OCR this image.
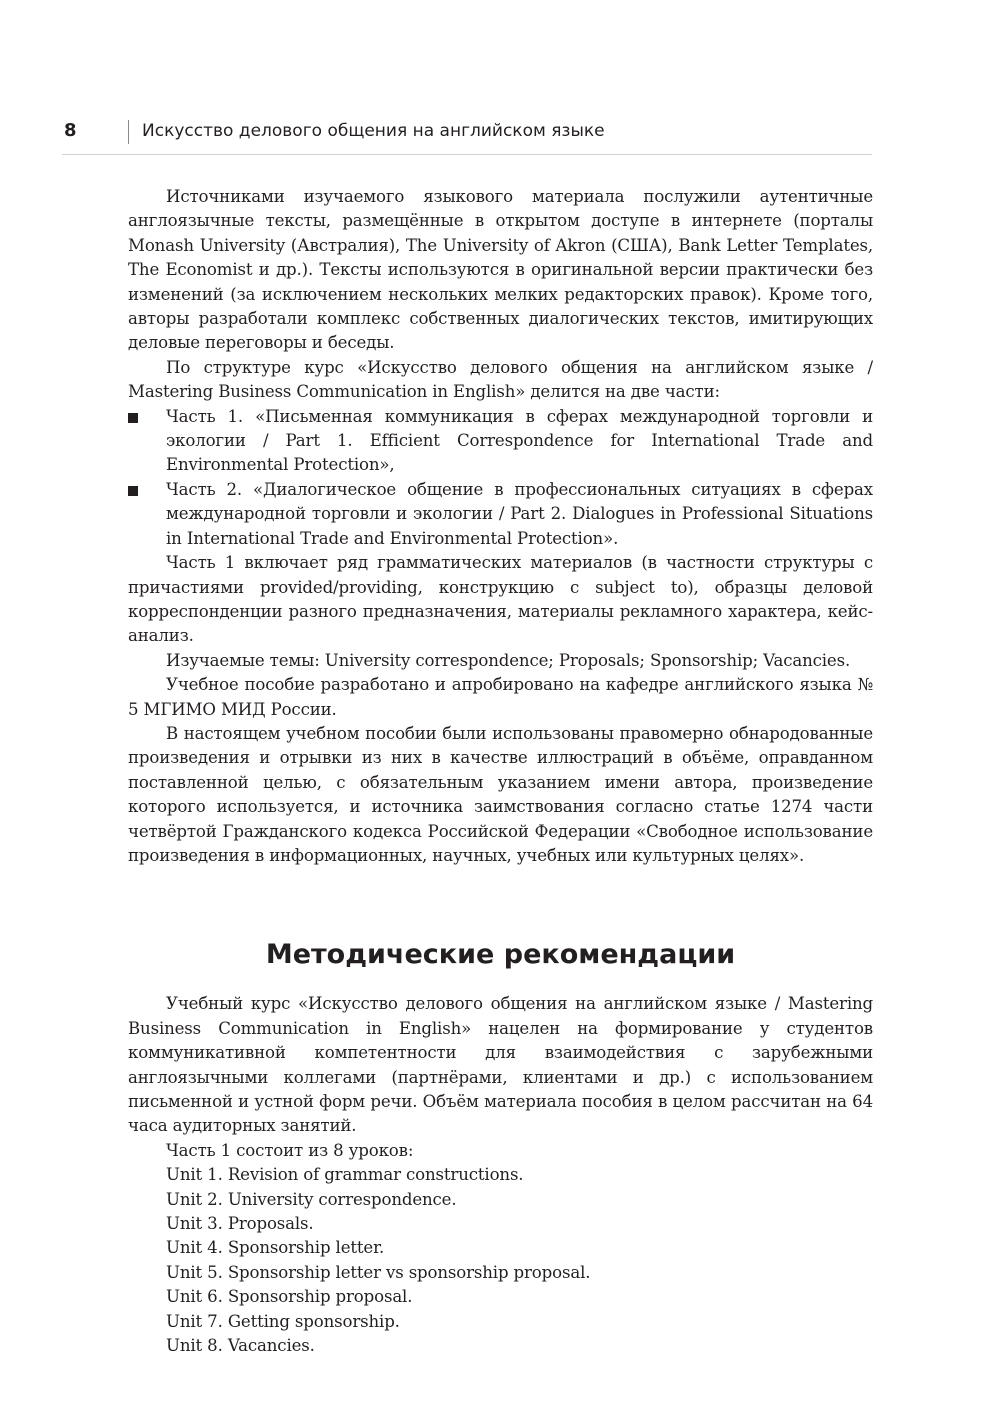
8	Искусство делового общения на английском языке

Источниками изучаемого языкового материала послужили аутентичные англоязычные тексты, размещённые в открытом доступе в интернете (порталы Monash University (Австралия), The University of Akron (США), Bank Letter Templates, The Economist и др.). Тексты используются в оригинальной версии практически без изменений (за исключением нескольких мелких редакторских правок). Кроме того, авторы разработали комплекс собственных диалогических текстов, имитирующих деловые переговоры и беседы.

По структуре курс «Искусство делового общения на английском языке / Mastering Business Communication in English» делится на две части:

Часть 1. «Письменная коммуникация в сферах международной торговли и экологии / Part 1. Efficient Correspondence for International Trade and Environmental Protection»,
Часть 2. «Диалогическое общение в профессиональных ситуациях в сферах международной торговли и экологии / Part 2. Dialogues in Professional Situations in International Trade and Environmental Protection».

Часть 1 включает ряд грамматических материалов (в частности структуры с причастиями provided/providing, конструкцию с subject to), образцы деловой корреспонденции разного предназначения, материалы рекламного характера, кейс-анализ.

Изучаемые темы: University correspondence; Proposals; Sponsorship; Vacancies.

Учебное пособие разработано и апробировано на кафедре английского языка № 5 МГИМО МИД России.

В настоящем учебном пособии были использованы правомерно обнародованные произведения и отрывки из них в качестве иллюстраций в объёме, оправданном поставленной целью, с обязательным указанием имени автора, произведение которого используется, и источника заимствования согласно статье 1274 части четвёртой Гражданского кодекса Российской Федерации «Свободное использование произведения в информационных, научных, учебных или культурных целях».

Методические рекомендации

Учебный курс «Искусство делового общения на английском языке / Mastering Business Communication in English» нацелен на формирование у студентов коммуникативной компетентности для взаимодействия с зарубежными англоязычными коллегами (партнёрами, клиентами и др.) с использованием письменной и устной форм речи. Объём материала пособия в целом рассчитан на 64 часа аудиторных занятий.

Часть 1 состоит из 8 уроков:

Unit 1. Revision of grammar constructions.
Unit 2. University correspondence.
Unit 3. Proposals.
Unit 4. Sponsorship letter.
Unit 5. Sponsorship letter vs sponsorship proposal.
Unit 6. Sponsorship proposal.
Unit 7. Getting sponsorship.
Unit 8. Vacancies.
